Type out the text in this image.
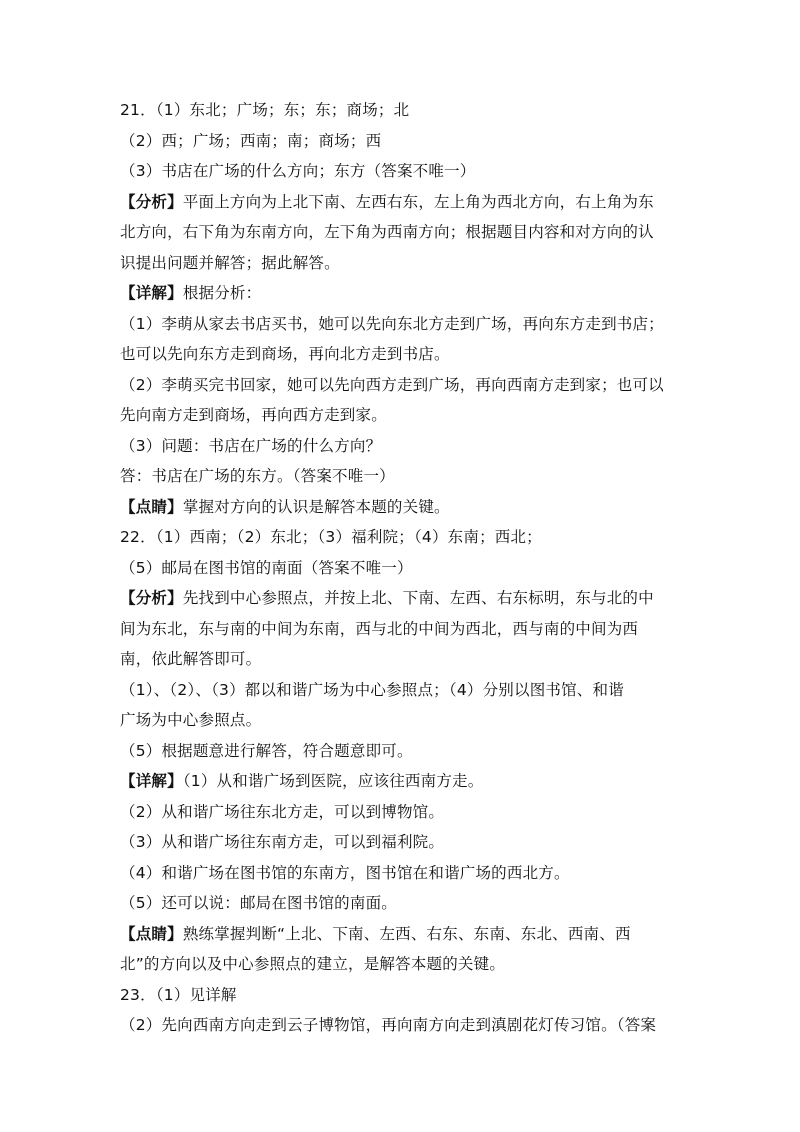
21．（1）东北；广场；东；东；商场；北
（2）西；广场；西南；南；商场；西
（3）书店在广场的什么方向；东方（答案不唯一）
【分析】平面上方向为上北下南、左西右东，左上角为西北方向，右上角为东
北方向，右下角为东南方向，左下角为西南方向；根据题目内容和对方向的认
识提出问题并解答；据此解答。
【详解】根据分析：
（1）李萌从家去书店买书，她可以先向东北方走到广场，再向东方走到书店；
也可以先向东方走到商场，再向北方走到书店。
（2）李萌买完书回家，她可以先向西方走到广场，再向西南方走到家；也可以
先向南方走到商场，再向西方走到家。
（3）问题：书店在广场的什么方向？
答：书店在广场的东方。（答案不唯一）
【点睛】掌握对方向的认识是解答本题的关键。
22．（1）西南；（2）东北；（3）福利院；（4）东南；西北；
（5）邮局在图书馆的南面（答案不唯一）
【分析】先找到中心参照点，并按上北、下南、左西、右东标明，东与北的中
间为东北，东与南的中间为东南，西与北的中间为西北，西与南的中间为西
南，依此解答即可。
（1）、（2）、（3）都以和谐广场为中心参照点；（4）分别以图书馆、和谐
广场为中心参照点。
（5）根据题意进行解答，符合题意即可。
【详解】（1）从和谐广场到医院，应该往西南方走。
（2）从和谐广场往东北方走，可以到博物馆。
（3）从和谐广场往东南方走，可以到福利院。
（4）和谐广场在图书馆的东南方，图书馆在和谐广场的西北方。
（5）还可以说：邮局在图书馆的南面。
【点睛】熟练掌握判断“上北、下南、左西、右东、东南、东北、西南、西
北”的方向以及中心参照点的建立，是解答本题的关键。
23．（1）见详解
（2）先向西南方向走到云子博物馆，再向南方向走到滇剧花灯传习馆。（答案
